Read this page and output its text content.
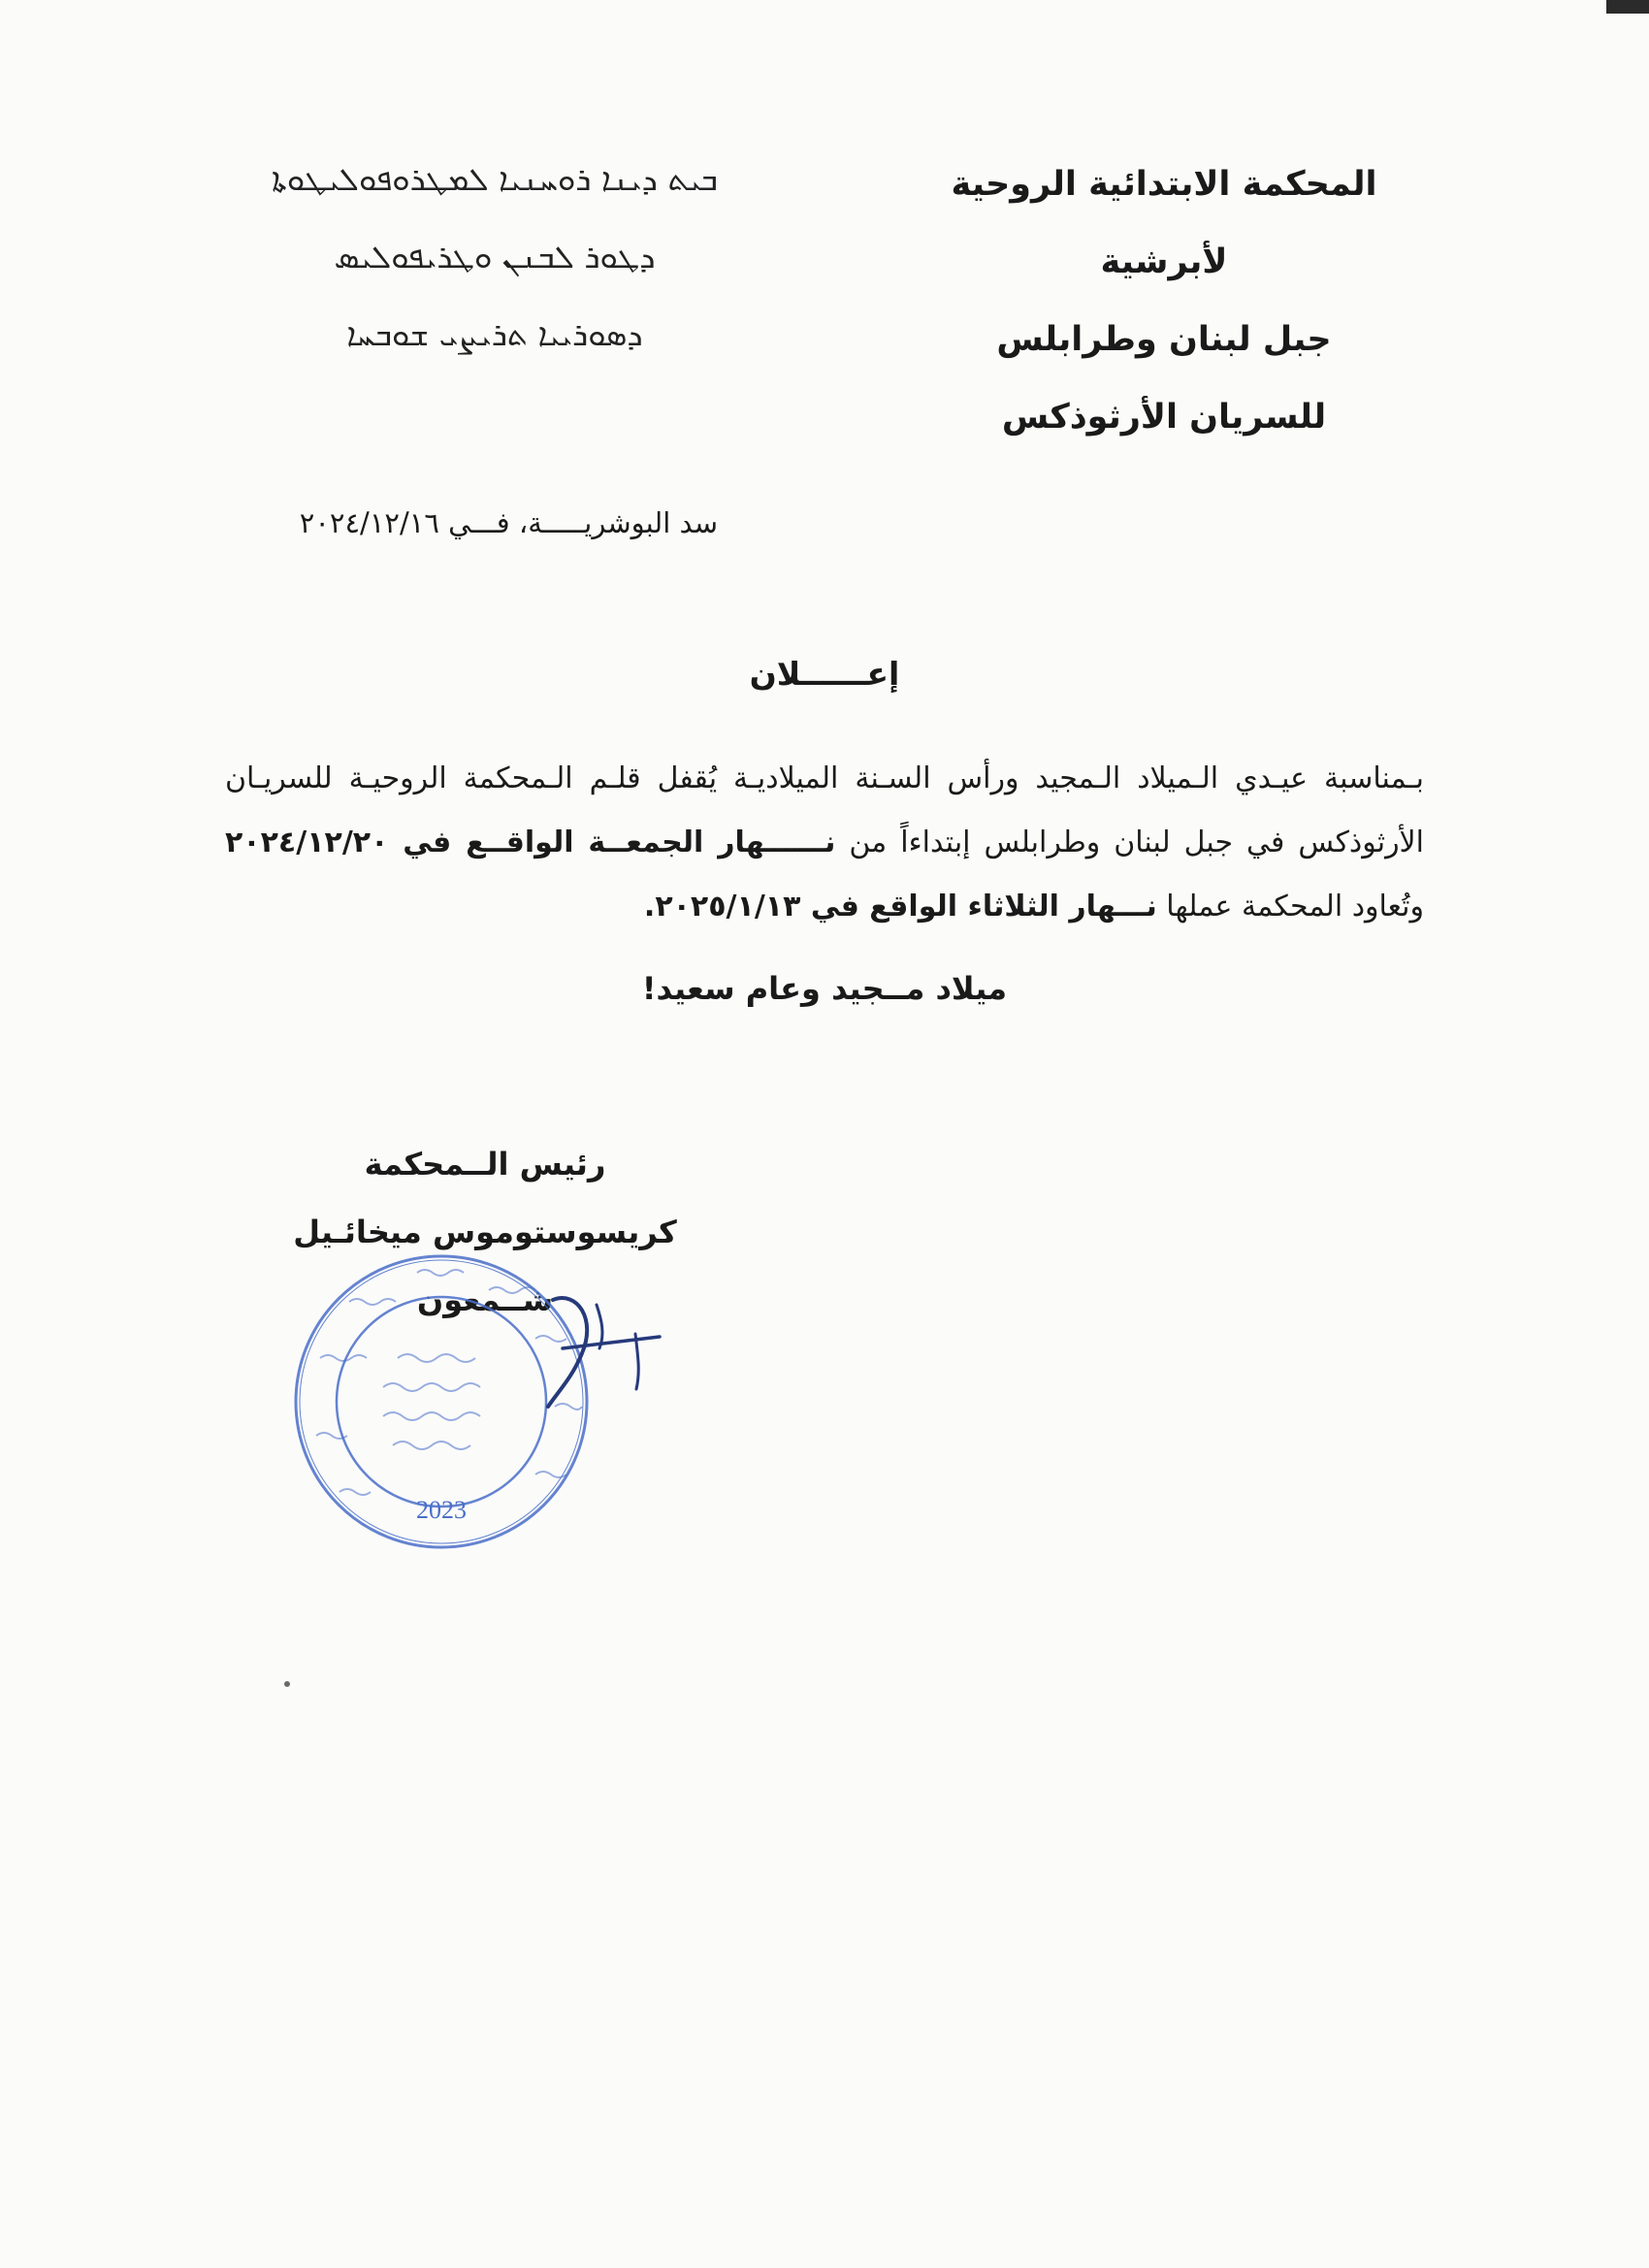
المحكمة الابتدائية الروحية لأبرشية
جبل لبنان وطرابلس
للسريان الأرثوذكس
ܒܝܬ ܕܝܢܐ ܪܘܚܢܝܐ ܠܡܛܪܘܦܘܠܝܛܘܬܐ
ܕܛܘܪ ܠܒܢܢ ܘܛܪܝܦܘܠܝܣ
ܕܣܘܪܝܝܐ ܬܪܝܨܝ ܫܘܒܚܐ
سد البوشريـــــة، فـــي ٢٠٢٤/١٢/١٦
إعــــــلان
بـمناسبة عيـدي الـميلاد الـمجيد ورأس السـنة الميلاديـة يُقفل قلـم الـمحكمة الروحيـة للسريـان الأرثوذكس في جبل لبنان وطرابلس إبتداءاً من نــــــهار الجمعــة الواقــع في ٢٠٢٤/١٢/٢٠ وتُعاود المحكمة عملها نـــهار الثلاثاء الواقع في ٢٠٢٥/١/١٣.
ميلاد مــجيد وعام سعيد!
رئيس الــمحكمة
كريسوستوموس ميخائـيل شــمعون
2023
